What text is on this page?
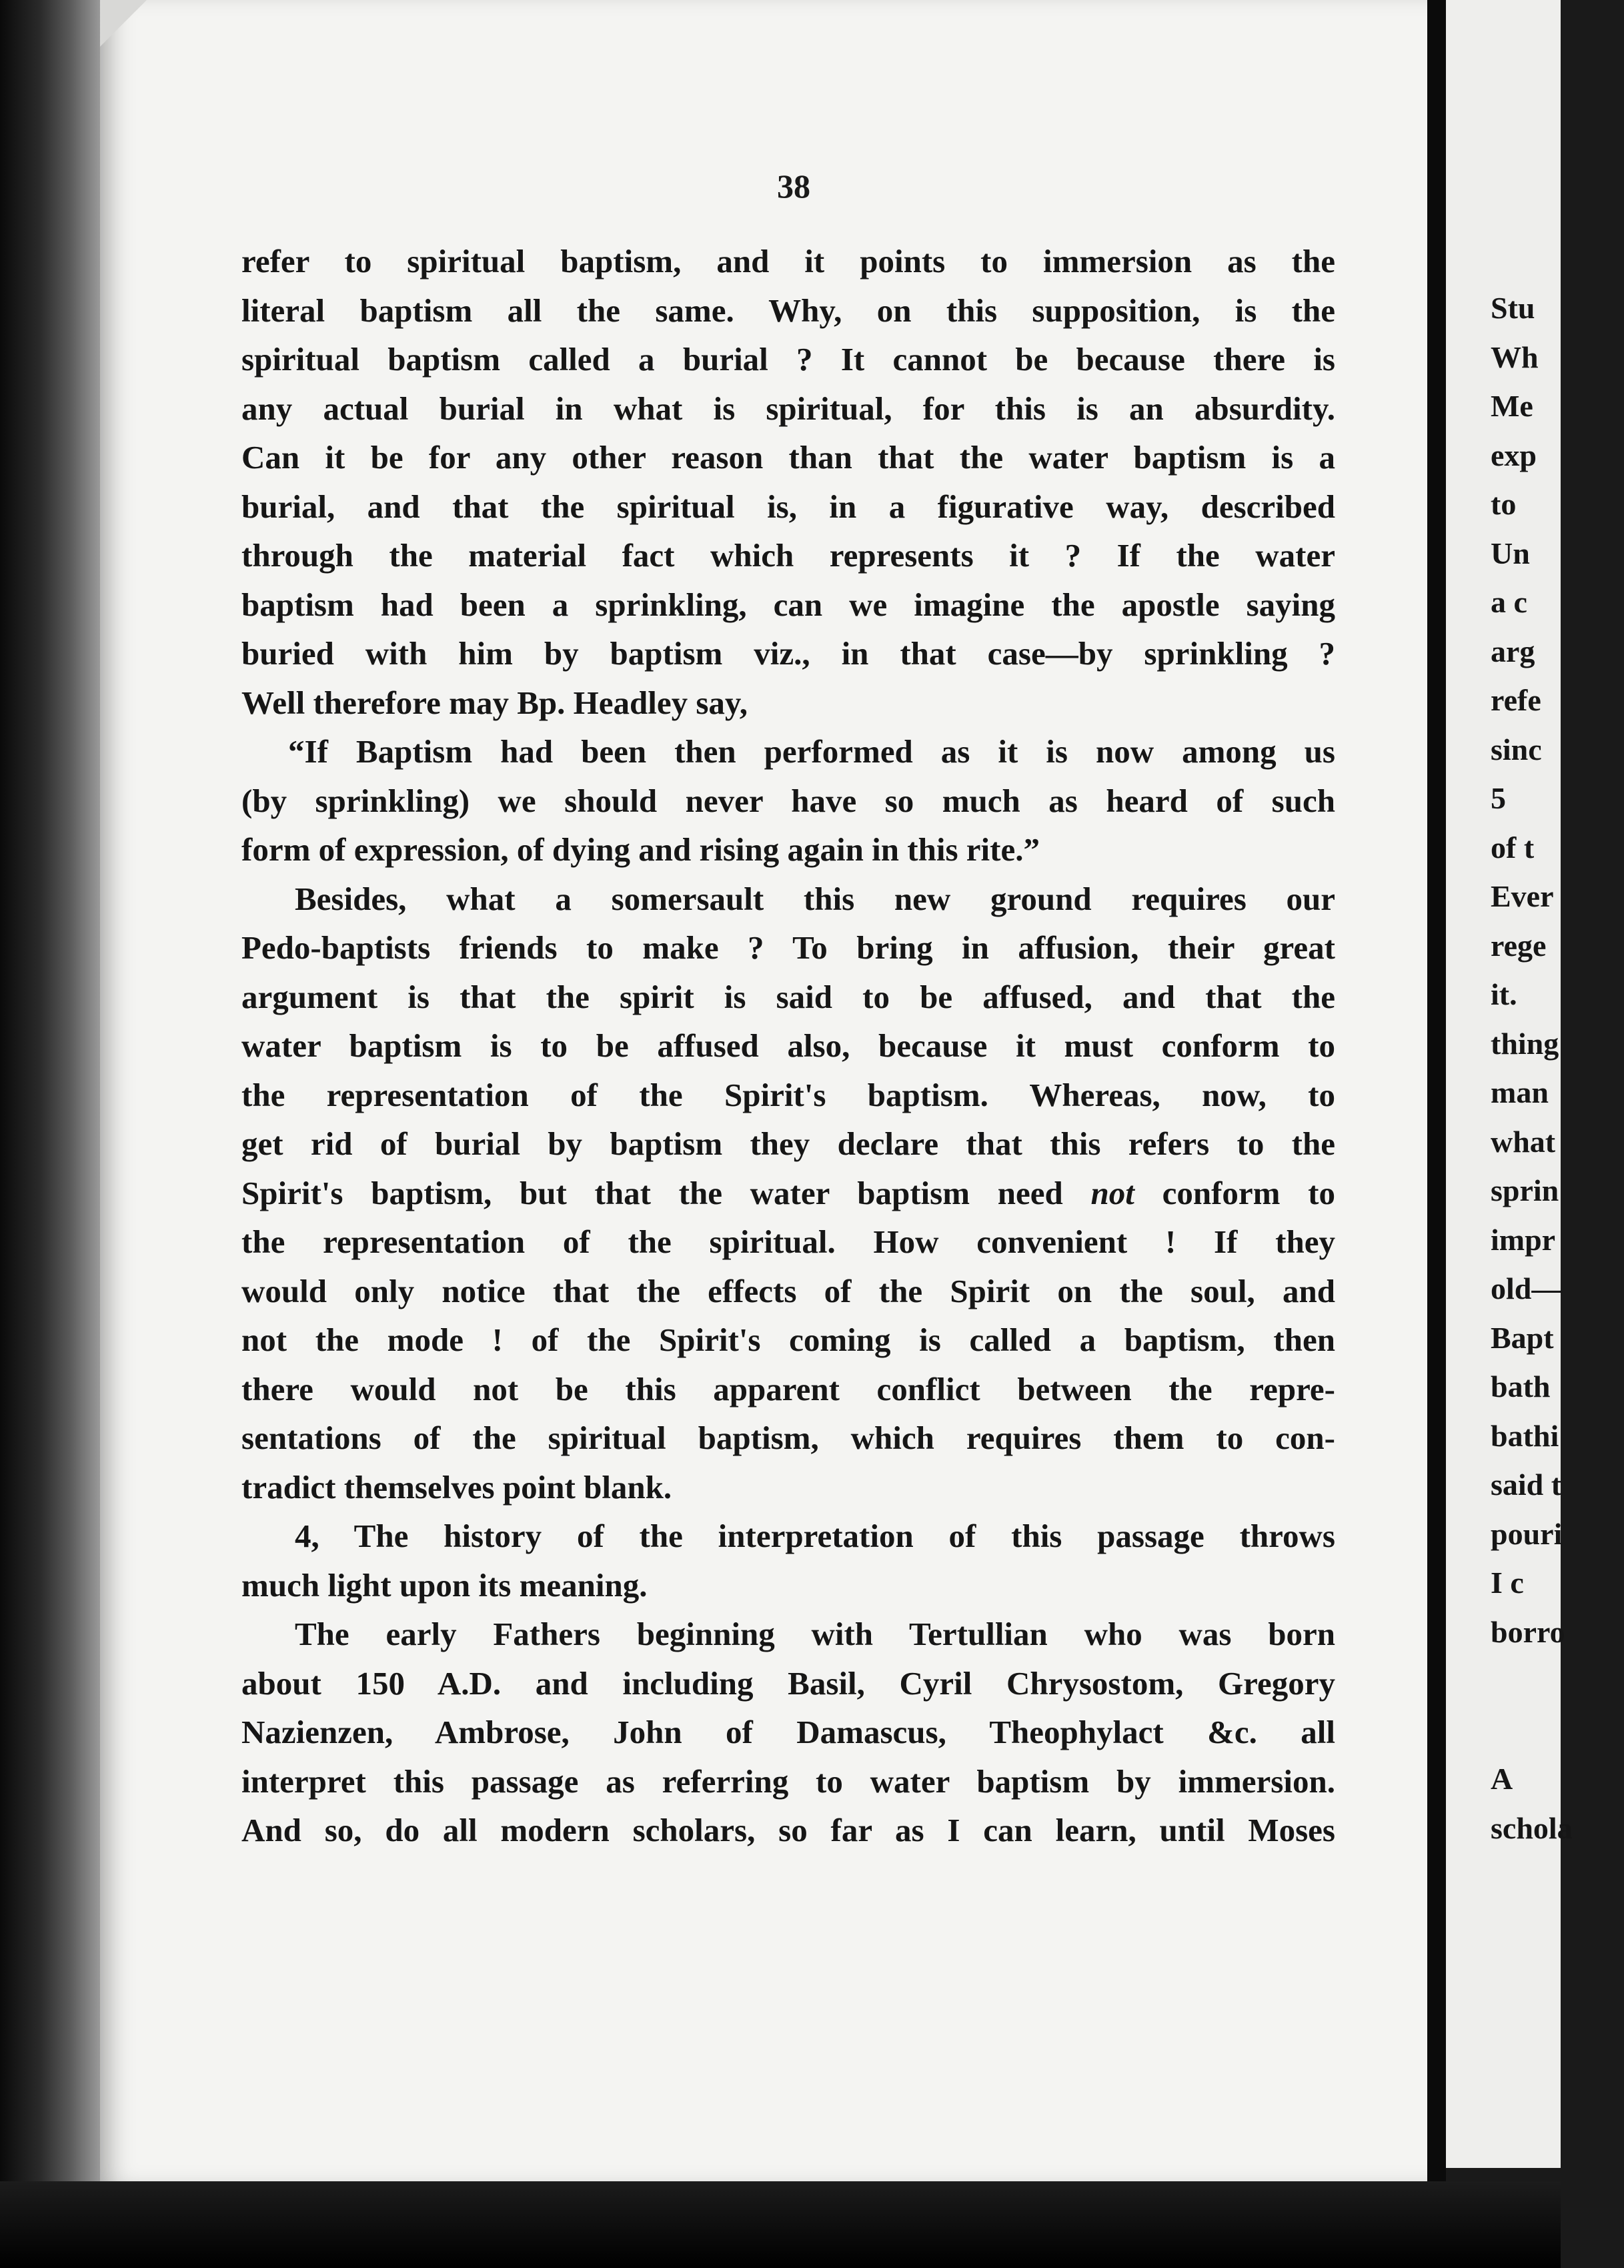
38
refer to spiritual baptism, and it points to immersion as the
literal baptism all the same. Why, on this supposition, is the
spiritual baptism called a burial ? It cannot be because there is
any actual burial in what is spiritual, for this is an absurdity.
Can it be for any other reason than that the water baptism is a
burial, and that the spiritual is, in a figurative way, described
through the material fact which represents it ? If the water
baptism had been a sprinkling, can we imagine the apostle saying
buried with him by baptism viz., in that case—by sprinkling ?
Well therefore may Bp. Headley say,
“If Baptism had been then performed as it is now among us
(by sprinkling) we should never have so much as heard of such
form of expression, of dying and rising again in this rite.”
Besides, what a somersault this new ground requires our
Pedo-baptists friends to make ? To bring in affusion, their great
argument is that the spirit is said to be affused, and that the
water baptism is to be affused also, because it must conform to
the representation of the Spirit's baptism. Whereas, now, to
get rid of burial by baptism they declare that this refers to the
Spirit's baptism, but that the water baptism need not conform to
the representation of the spiritual. How convenient ! If they
would only notice that the effects of the Spirit on the soul, and
not the mode ! of the Spirit's coming is called a baptism, then
there would not be this apparent conflict between the repre-
sentations of the spiritual baptism, which requires them to con-
tradict themselves point blank.
4, The history of the interpretation of this passage throws
much light upon its meaning.
The early Fathers beginning with Tertullian who was born
about 150 A.D. and including Basil, Cyril Chrysostom, Gregory
Nazienzen, Ambrose, John of Damascus, Theophylact &c. all
interpret this passage as referring to water baptism by immersion.
And so, do all modern scholars, so far as I can learn, until Moses
Stu
Wh
Me
exp
to
Un
a c
arg
refe
sinc
5
of t
Ever
rege
it.
thing
man
what
sprin
impr
old—
Bapt
bath
bathi
said t
pouri
I c
borro
A
schola
